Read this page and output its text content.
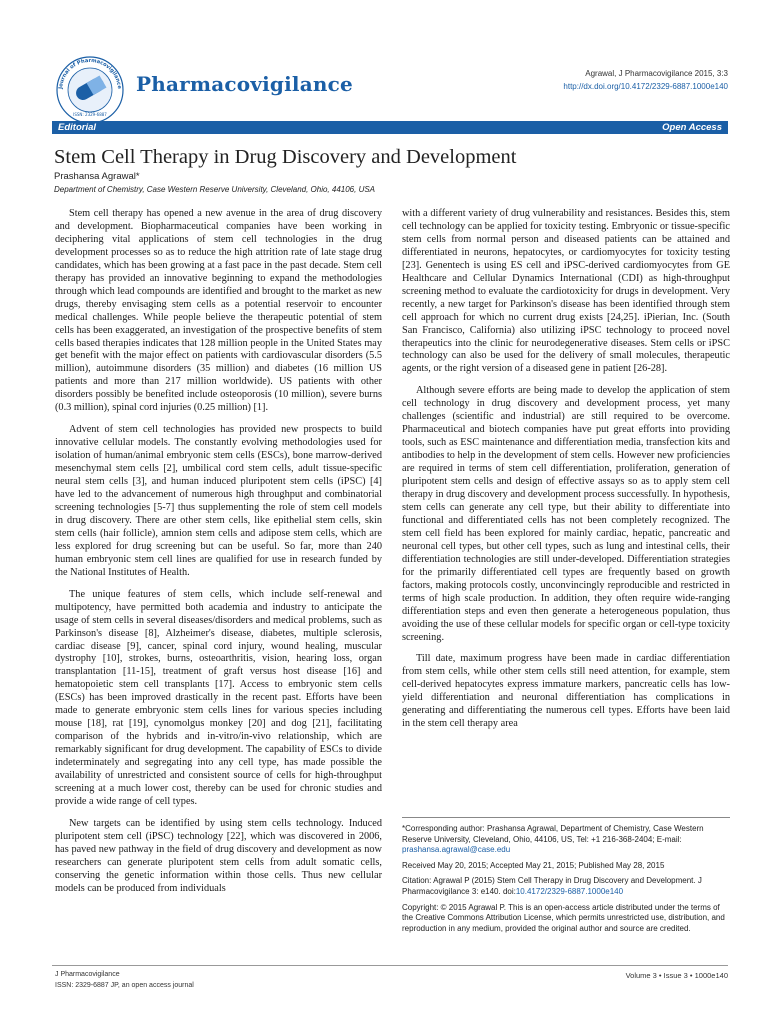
Journal of Pharmacovigilance
ISSN: 2329-6887
Pharmacovigilance	Agrawal, J Pharmacovigilance 2015, 3:3
http://dx.doi.org/10.4172/2329-6887.1000e140
Editorial	Open Access
Stem Cell Therapy in Drug Discovery and Development
Prashansa Agrawal*
Department of Chemistry, Case Western Reserve University, Cleveland, Ohio, 44106, USA

Stem cell therapy has opened a new avenue in the area of drug discovery and development. Biopharmaceutical companies have been working in deciphering vital applications of stem cell technologies in the drug development processes so as to reduce the high attrition rate of late stage drug candidates, which has been growing at a fast pace in the past decade. Stem cell therapy has provided an innovative beginning to expand the methodologies through which lead compounds are identified and brought to the market as new drugs, thereby envisaging stem cells as a potential reservoir to encounter medical challenges. While people believe the therapeutic potential of stem cells has been exaggerated, an investigation of the prospective benefits of stem cells based therapies indicates that 128 million people in the United States may get benefit with the major effect on patients with cardiovascular disorders (5.5 million), autoimmune disorders (35 million) and diabetes (16 million US patients and more than 217 million worldwide). US patients with other disorders possibly be benefited include osteoporosis (10 million), severe burns (0.3 million), spinal cord injuries (0.25 million) [1].

Advent of stem cell technologies has provided new prospects to build innovative cellular models. The constantly evolving methodologies used for isolation of human/animal embryonic stem cells (ESCs), bone marrow-derived mesenchymal stem cells [2], umbilical cord stem cells, adult tissue-specific neural stem cells [3], and human induced pluripotent stem cells (iPSC) [4] have led to the advancement of numerous high throughput and combinatorial screening technologies [5-7] thus supplementing the role of stem cell models in drug discovery. There are other stem cells, like epithelial stem cells, skin stem cells (hair follicle), amnion stem cells and adipose stem cells, which are less explored for drug screening but can be useful. So far, more than 240 human embryonic stem cell lines are qualified for use in research funded by the National Institutes of Health.

The unique features of stem cells, which include self-renewal and multipotency, have permitted both academia and industry to anticipate the usage of stem cells in several diseases/disorders and medical problems, such as Parkinson's disease [8], Alzheimer's disease, diabetes, multiple sclerosis, cardiac disease [9], cancer, spinal cord injury, wound healing, muscular dystrophy [10], strokes, burns, osteoarthritis, vision, hearing loss, organ transplantation [11-15], treatment of graft versus host disease [16] and hematopoietic stem cell transplants [17]. Access to embryonic stem cells (ESCs) has been improved drastically in the recent past. Efforts have been made to generate embryonic stem cells lines for various species including mouse [18], rat [19], cynomolgus monkey [20] and dog [21], facilitating comparison of the hybrids and in-vitro/in-vivo relationship, which are remarkably significant for drug development. The capability of ESCs to divide indeterminately and segregating into any cell type, has made possible the availability of unrestricted and consistent source of cells for high-throughput screening at a much lower cost, thereby can be used for chronic studies and provide a wide range of cell types.

New targets can be identified by using stem cells technology. Induced pluripotent stem cell (iPSC) technology [22], which was discovered in 2006, has paved new pathway in the field of drug discovery and development as now researchers can generate pluripotent stem cells from adult somatic cells, conserving the genetic information within those cells. Thus new cellular models can be produced from individuals

with a different variety of drug vulnerability and resistances. Besides this, stem cell technology can be applied for toxicity testing. Embryonic or tissue-specific stem cells from normal person and diseased patients can be attained and differentiated in neurons, hepatocytes, or cardiomyocytes for toxicity testing [23]. Genentech is using ES cell and iPSC-derived cardiomyocytes from GE Healthcare and Cellular Dynamics International (CDI) as high-throughput screening method to evaluate the cardiotoxicity for drugs in development. Very recently, a new target for Parkinson's disease has been identified through stem cell approach for which no current drug exists [24,25]. iPierian, Inc. (South San Francisco, California) also utilizing iPSC technology to proceed novel therapeutics into the clinic for neurodegenerative diseases. Stem cells or iPSC technology can also be used for the delivery of small molecules, therapeutic agents, or the right version of a diseased gene in patient [26-28].

Although severe efforts are being made to develop the application of stem cell technology in drug discovery and development process, yet many challenges (scientific and industrial) are still required to be overcome. Pharmaceutical and biotech companies have put great efforts into providing tools, such as ESC maintenance and differentiation media, transfection kits and antibodies to help in the development of stem cells. However new proficiencies are required in terms of stem cell differentiation, proliferation, generation of pluripotent stem cells and design of effective assays so as to apply stem cell therapy in drug discovery and development process successfully. In hypothesis, stem cells can generate any cell type, but their ability to differentiate into functional and differentiated cells has not been completely recognized. The stem cell field has been explored for mainly cardiac, hepatic, pancreatic and neuronal cell types, but other cell types, such as lung and intestinal cells, their differentiation technologies are still under-developed. Differentiation strategies for the primarily differentiated cell types are frequently based on growth factors, making protocols costly, unconvincingly reproducible and restricted in terms of high scale production. In addition, they often require wide-ranging differentiation steps and even then generate a heterogeneous population, thus avoiding the use of these cellular models for specific organ or cell-type toxicity screening.

Till date, maximum progress have been made in cardiac differentiation from stem cells, while other stem cells still need attention, for example, stem cell-derived hepatocytes express immature markers, pancreatic cells has low-yield differentiation and neuronal differentiation has complications in generating and differentiating the numerous cell types. Efforts have been laid in the stem cell therapy area

*Corresponding author: Prashansa Agrawal, Department of Chemistry, Case Western Reserve University, Cleveland, Ohio, 44106, US, Tel: +1 216-368-2404; E-mail: prashansa.agrawal@case.edu
Received May 20, 2015; Accepted May 21, 2015; Published May 28, 2015
Citation: Agrawal P (2015) Stem Cell Therapy in Drug Discovery and Development. J Pharmacovigilance 3: e140. doi:10.4172/2329-6887.1000e140
Copyright: © 2015 Agrawal P. This is an open-access article distributed under the terms of the Creative Commons Attribution License, which permits unrestricted use, distribution, and reproduction in any medium, provided the original author and source are credited.
J Pharmacovigilance
ISSN: 2329-6887 JP, an open access journal
Volume 3 • Issue 3 • 1000e140
